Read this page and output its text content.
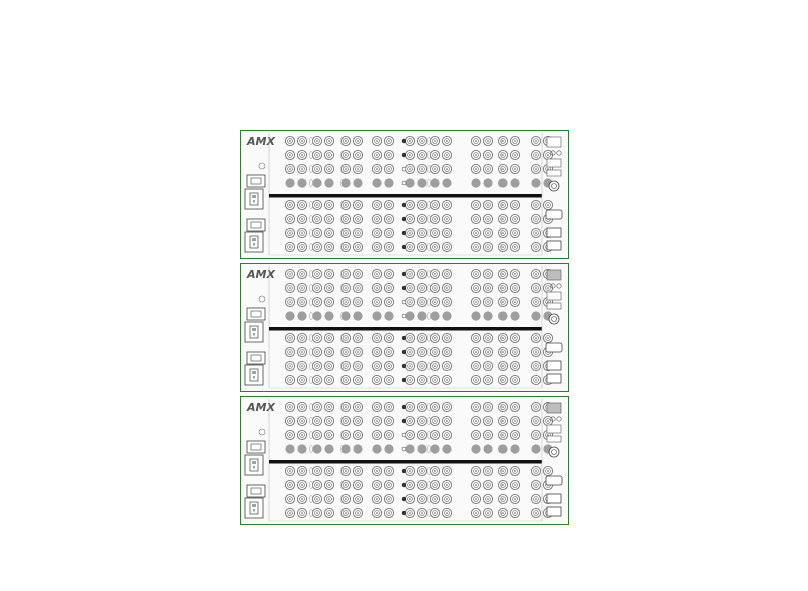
AMX
AMX
AMX
